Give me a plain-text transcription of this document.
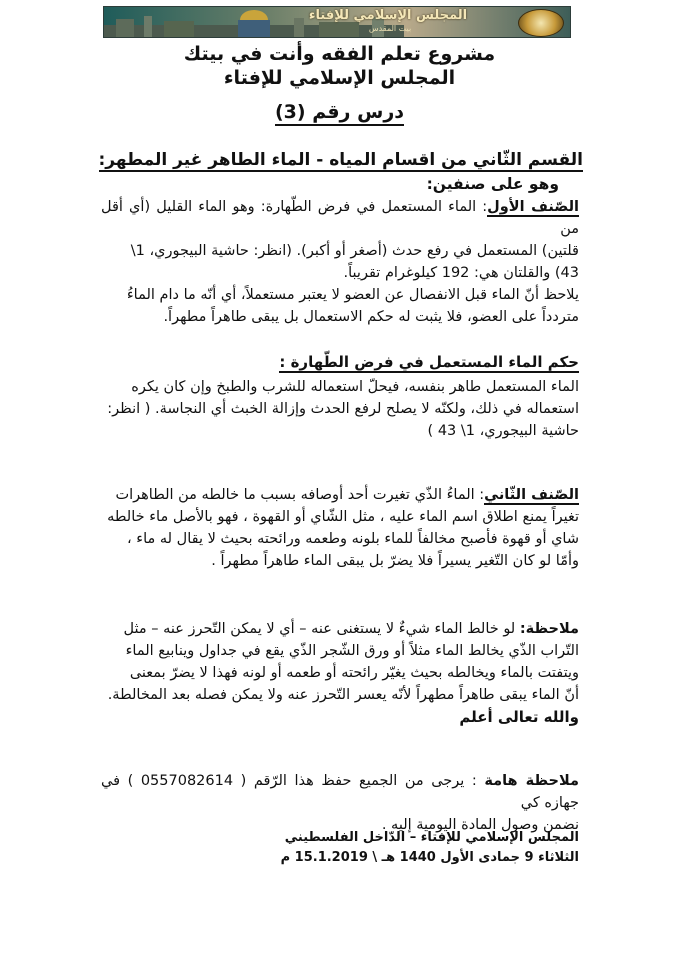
المجلس الإسلامي للإفتاء
بيت المقدس
مشروع تعلم الفقه وأنت في بيتك
المجلس الإسلامي للإفتاء
درس رقم (3)
القسم الثّاني من اقسام المياه - الماء الطاهر غير المطهر:
وهو على صنفين:
الصّنف الأول: الماء المستعمل في فرض الطّهارة: وهو الماء القليل (أي أقل من
قلتين) المستعمل في رفع حدث (أصغر أو أكبر). (انظر: حاشية البيجوري، 1\
43) والقلتان هي: 192 كيلوغرام تقريباً.
يلاحظ أنّ الماء قبل الانفصال عن العضو لا يعتبر مستعملاً، أي أنّه ما دام الماءُ
متردداً على العضو، فلا يثبت له حكم الاستعمال بل يبقى طاهراً مطهراً.
حكم الماء المستعمل في فرض الطّهارة :
الماء المستعمل طاهر بنفسه، فيحلّ استعماله للشرب والطبخ وإن كان يكره
استعماله في ذلك، ولكنّه لا يصلح لرفع الحدث وإزالة الخبث أي النجاسة. ( انظر:
حاشية البيجوري، 1\ 43 )
الصّنف الثّاني: الماءُ الذّي تغيرت أحد أوصافه بسبب ما خالطه من الطاهرات
تغيراً يمنع اطلاق اسم الماء عليه ، مثل الشّاي أو القهوة ، فهو بالأصل ماء خالطه
شاي أو قهوة فأصبح مخالفاً للماء بلونه وطعمه ورائحته بحيث لا يقال له ماء ،
وأمّا لو كان التّغير يسيراً فلا يضرّ بل يبقى الماء طاهراً مطهراً .
ملاحظة: لو خالط الماء شيءٌ لا يستغنى عنه – أي لا يمكن التّحرز عنه – مثل
التّراب الذّي يخالط الماء مثلاً أو ورق الشّجر الذّي يقع في جداول وينابيع الماء
ويتفتت بالماء ويخالطه بحيث يغيّر رائحته أو طعمه أو لونه فهذا لا يضرّ بمعنى
أنّ الماء يبقى طاهراً مطهراً لأنّه يعسر التّحرز عنه ولا يمكن فصله بعد المخالطة.
والله تعالى أعلم
ملاحظة هامة : يرجى من الجميع حفظ هذا الرّقم ( 0557082614 ) في جهازه كي
نضمن وصول المادة اليومية إليه .
المجلس الإسلامي للإفتاء – الدّاخل الفلسطيني
الثلاثاء 9 جمادى الأول 1440 هـ \ 15.1.2019 م
